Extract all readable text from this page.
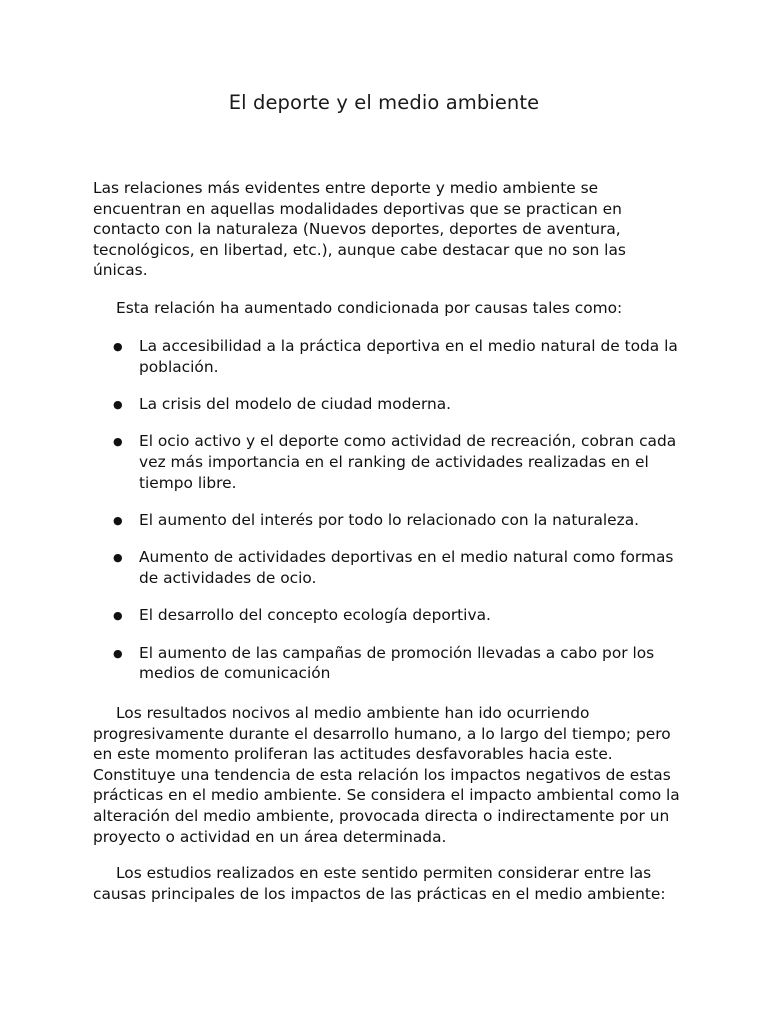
El deporte y el medio ambiente

Las relaciones más evidentes entre deporte y medio ambiente se encuentran en aquellas modalidades deportivas que se practican en contacto con la naturaleza (Nuevos deportes, deportes de aventura, tecnológicos, en libertad, etc.), aunque cabe destacar que no son las únicas.

Esta relación ha aumentado condicionada por causas tales como:

● La accesibilidad a la práctica deportiva en el medio natural de toda la población.
● La crisis del modelo de ciudad moderna.
● El ocio activo y el deporte como actividad de recreación, cobran cada vez más importancia en el ranking de actividades realizadas en el tiempo libre.
● El aumento del interés por todo lo relacionado con la naturaleza.
● Aumento de actividades deportivas en el medio natural como formas de actividades de ocio.
● El desarrollo del concepto ecología deportiva.
● El aumento de las campañas de promoción llevadas a cabo por los medios de comunicación

Los resultados nocivos al medio ambiente han ido ocurriendo progresivamente durante el desarrollo humano, a lo largo del tiempo; pero en este momento proliferan las actitudes desfavorables hacia este. Constituye una tendencia de esta relación los impactos negativos de estas prácticas en el medio ambiente. Se considera el impacto ambiental como la alteración del medio ambiente, provocada directa o indirectamente por un proyecto o actividad en un área determinada.

Los estudios realizados en este sentido permiten considerar entre las causas principales de los impactos de las prácticas en el medio ambiente:
